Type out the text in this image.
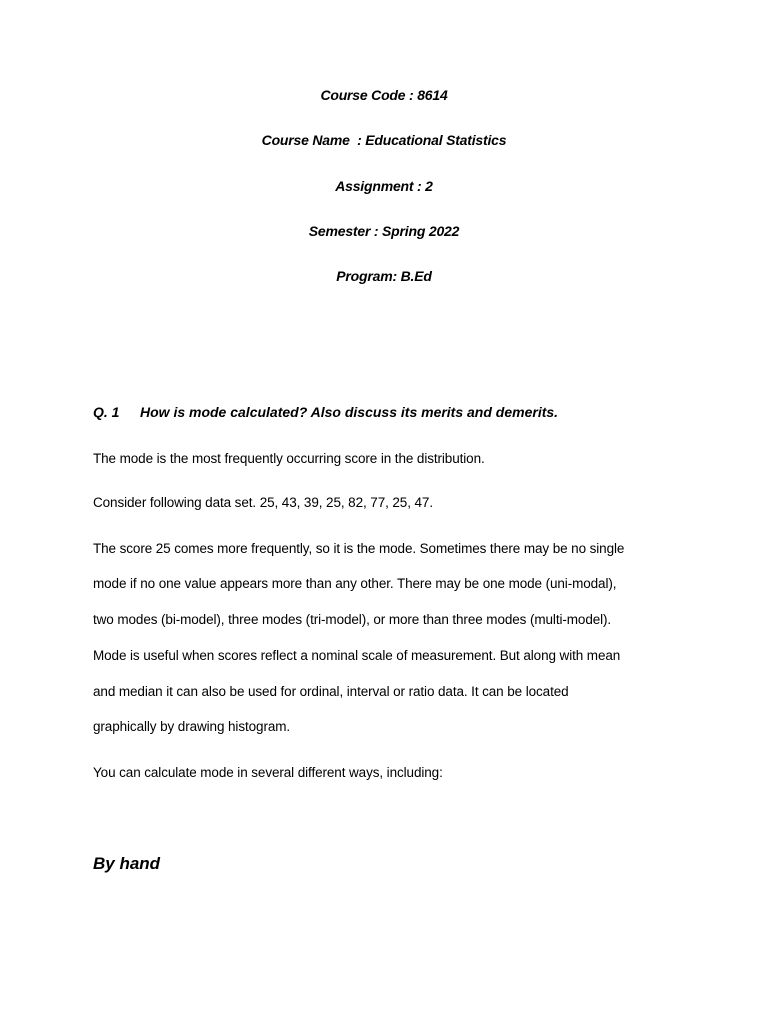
Course Code : 8614
Course Name  : Educational Statistics
Assignment : 2
Semester : Spring 2022
Program: B.Ed
Q. 1 How is mode calculated? Also discuss its merits and demerits.
The mode is the most frequently occurring score in the distribution.
Consider following data set. 25, 43, 39, 25, 82, 77, 25, 47.
The score 25 comes more frequently, so it is the mode. Sometimes there may be no single
mode if no one value appears more than any other. There may be one mode (uni-modal),
two modes (bi-model), three modes (tri-model), or more than three modes (multi-model).
Mode is useful when scores reflect a nominal scale of measurement. But along with mean
and median it can also be used for ordinal, interval or ratio data. It can be located
graphically by drawing histogram.
You can calculate mode in several different ways, including:
By hand
